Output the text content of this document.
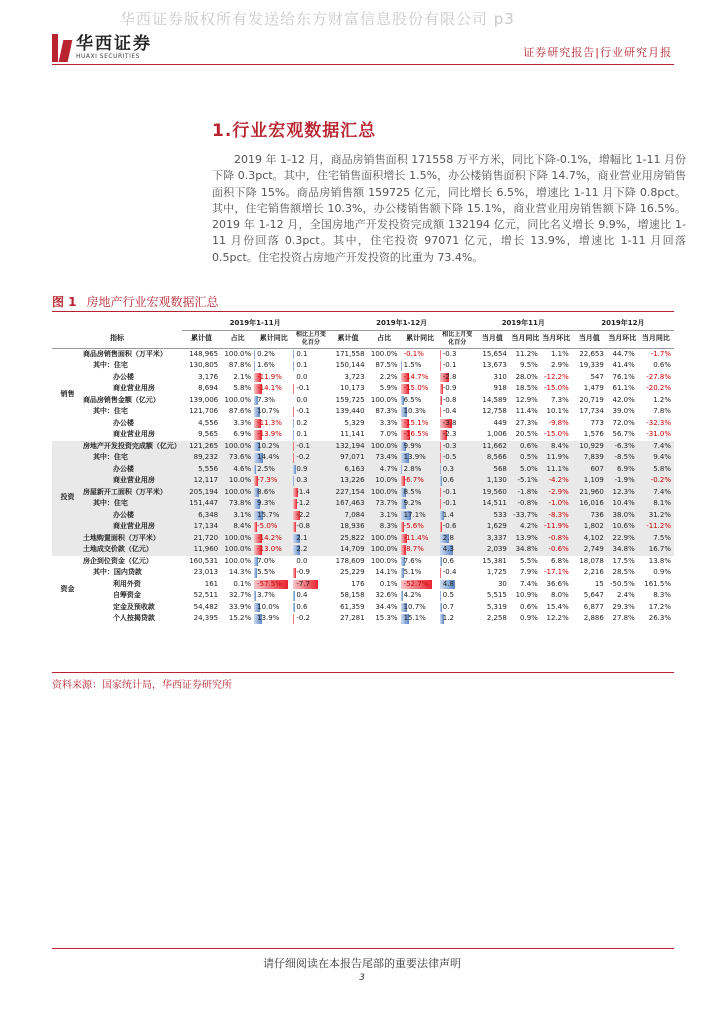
华西证券版权所有发送给东方财富信息股份有限公司 p3
华西证券
HUAXI SECURITIES	证券研究报告|行业研究月报
1.行业宏观数据汇总
2019 年 1-12 月，商品房销售面积 171558 万平方米，同比下降-0.1%，增幅比 1-11 月份下降 0.3pct。其中，住宅销售面积增长 1.5%，办公楼销售面积下降 14.7%，商业营业用房销售面积下降 15%。商品房销售额 159725 亿元，同比增长 6.5%，增速比 1-11 月下降 0.8pct。其中，住宅销售额增长 10.3%，办公楼销售额下降 15.1%，商业营业用房销售额下降 16.5%。2019 年 1-12 月，全国房地产开发投资完成额 132194 亿元，同比名义增长 9.9%，增速比 1-11 月份回落 0.3pct。其中，住宅投资 97071 亿元，增长 13.9%，增速比 1-11 月回落 0.5pct。住宅投资占房地产开发投资的比重为 73.4%。
图 1 房地产行业宏观数据汇总
		2019年1-11月				2019年1-12月				2019年11月			2019年12月		
指标		累计值	占比	累计同比	相比上月变化百分	累计值	占比	累计同比	相比上月变化百分	当月值	当月同比	当月环比	当月值	当月环比	当月同比
销售	商品房销售面积（万平米）	148,965	100.0%	0.2%	0.1	171,558	100.0%	-0.1%	-0.3	15,654	11.2%	1.1%	22,653	44.7%	-1.7%
	其中：住宅	130,805	87.8%	1.6%	0.1	150,144	87.5%	1.5%	-0.1	13,673	9.5%	2.9%	19,339	41.4%	0.6%
	办公楼	3,176	2.1%	-11.9%	0.0	3,723	2.2%	-14.7%	-2.8	310	28.0%	-12.2%	547	76.1%	-27.8%
	商业营业用房	8,694	5.8%	-14.1%	-0.1	10,173	5.9%	-15.0%	-0.9	918	18.5%	-15.0%	1,479	61.1%	-20.2%
	商品房销售金额（亿元）	139,006	100.0%	7.3%	0.0	159,725	100.0%	6.5%	-0.8	14,589	12.9%	7.3%	20,719	42.0%	1.2%
	其中：住宅	121,706	87.6%	10.7%	-0.1	139,440	87.3%	10.3%	-0.4	12,758	11.4%	10.1%	17,734	39.0%	7.8%
	办公楼	4,556	3.3%	-11.3%	0.2	5,329	3.3%	-15.1%	-3.8	449	27.3%	-9.8%	773	72.0%	-32.3%
	商业营业用房	9,565	6.9%	-13.9%	0.1	11,141	7.0%	-16.5%	-2.3	1,006	20.5%	-15.0%	1,576	56.7%	-31.0%
投资	房地产开发投资完成额（亿元）	121,265	100.0%	10.2%	-0.1	132,194	100.0%	9.9%	-0.3	11,662	0.6%	8.4%	10,929	-6.3%	7.4%
	其中：住宅	89,232	73.6%	14.4%	-0.2	97,071	73.4%	13.9%	-0.5	8,566	0.5%	11.9%	7,839	-8.5%	9.4%
	办公楼	5,556	4.6%	2.5%	0.9	6,163	4.7%	2.8%	0.3	568	5.0%	11.1%	607	6.9%	5.8%
	商业营业用房	12,117	10.0%	-7.3%	0.3	13,226	10.0%	-6.7%	0.6	1,130	-5.1%	-4.2%	1,109	-1.9%	-0.2%
	房屋新开工面积（万平米）	205,194	100.0%	8.6%	-1.4	227,154	100.0%	8.5%	-0.1	19,560	-1.8%	-2.9%	21,960	12.3%	7.4%
	其中：住宅	151,447	73.8%	9.3%	-1.2	167,463	73.7%	9.2%	-0.1	14,511	-0.8%	-1.0%	16,016	10.4%	8.1%
	办公楼	6,348	3.1%	15.7%	-2.2	7,084	3.1%	17.1%	1.4	533	-33.7%	-8.3%	736	38.0%	31.2%
	商业营业用房	17,134	8.4%	-5.0%	-0.8	18,936	8.3%	-5.6%	-0.6	1,629	4.2%	-11.9%	1,802	10.6%	-11.2%
	土地购置面积（万平米）	21,720	100.0%	-14.2%	2.1	25,822	100.0%	-11.4%	2.8	3,337	13.9%	-0.8%	4,102	22.9%	7.5%
	土地成交价款（亿元）	11,960	100.0%	-13.0%	2.2	14,709	100.0%	-8.7%	4.3	2,039	34.8%	-0.6%	2,749	34.8%	16.7%
资金	房企到位资金（亿元）	160,531	100.0%	7.0%	0.0	178,609	100.0%	7.6%	0.6	15,381	5.5%	6.8%	18,078	17.5%	13.8%
	其中：国内贷款	23,013	14.3%	5.5%	-0.9	25,229	14.1%	5.1%	-0.4	1,725	7.9%	-17.1%	2,216	28.5%	0.9%
	利用外资	161	0.1%	-57.5%	-7.7	176	0.1%	-52.7%	4.8	30	7.4%	36.6%	15	-50.5%	161.5%
	自筹资金	52,511	32.7%	3.7%	0.4	58,158	32.6%	4.2%	0.5	5,515	10.9%	8.0%	5,647	2.4%	8.3%
	定金及预收款	54,482	33.9%	10.0%	0.6	61,359	34.4%	10.7%	0.7	5,319	0.6%	15.4%	6,877	29.3%	17.2%
	个人按揭贷款	24,395	15.2%	13.9%	-0.2	27,281	15.3%	15.1%	1.2	2,258	0.9%	12.2%	2,886	27.8%	26.3%
资料来源：国家统计局，华西证券研究所
请仔细阅读在本报告尾部的重要法律声明
3
